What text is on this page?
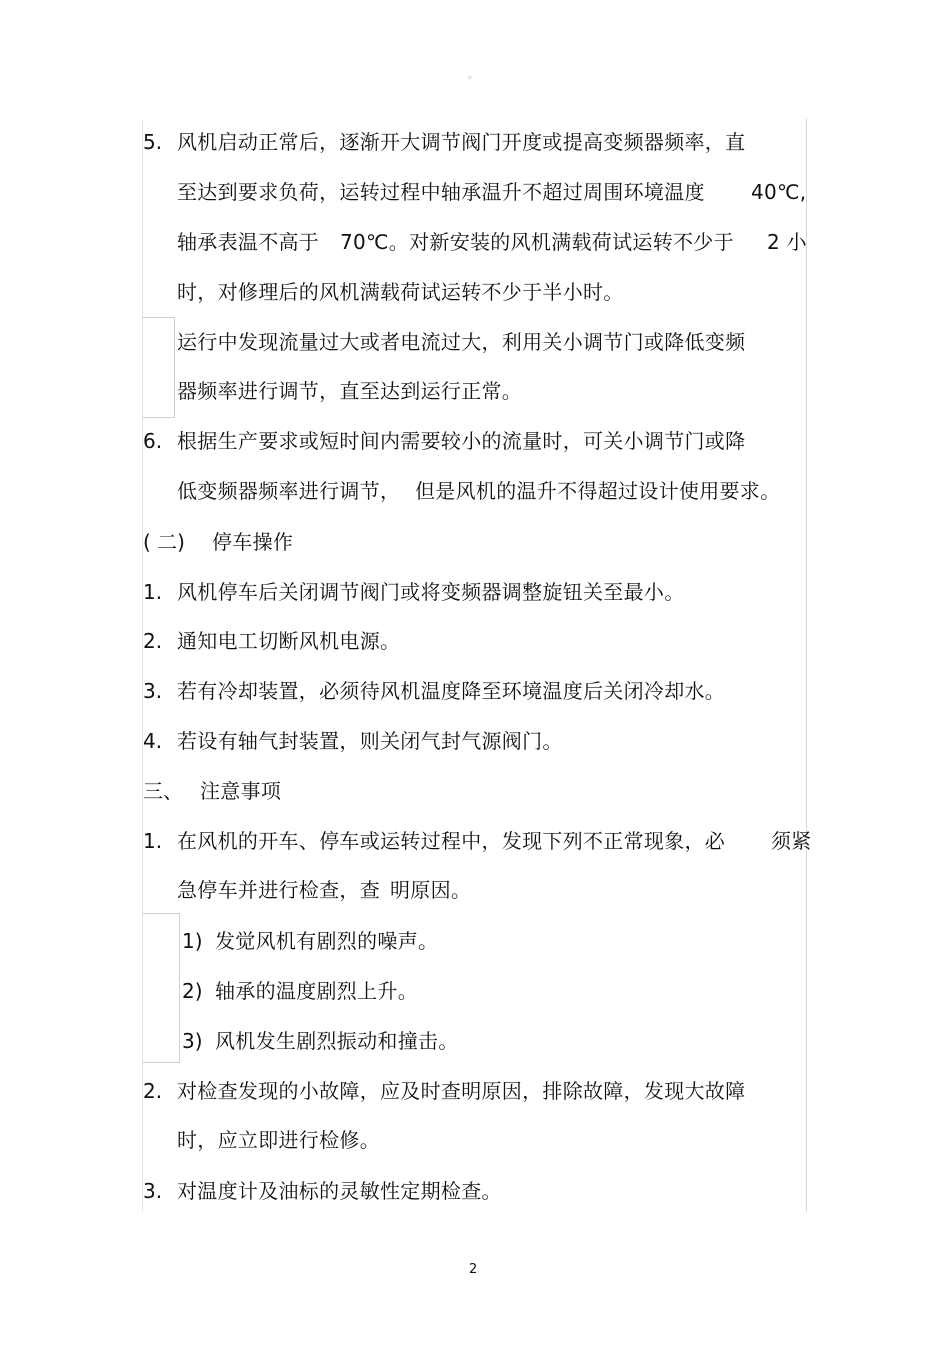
。
5. 风机启动正常后，逐渐开大调节阀门开度或提高变频器频率，直
至达到要求负荷，运转过程中轴承温升不超过周围环境温度 40℃,
轴承表温不高于 70℃。对新安装的风机满载荷试运转不少于 2 小
时，对修理后的风机满载荷试运转不少于半小时。
运行中发现流量过大或者电流过大，利用关小调节门或降低变频
器频率进行调节，直至达到运行正常。
6. 根据生产要求或短时间内需要较小的流量时，可关小调节门或降
低变频器频率进行调节， 但是风机的温升不得超过设计使用要求。
( 二) 停车操作
1. 风机停车后关闭调节阀门或将变频器调整旋钮关至最小。
2. 通知电工切断风机电源。
3. 若有冷却装置，必须待风机温度降至环境温度后关闭冷却水。
4. 若设有轴气封装置，则关闭气封气源阀门。
三、 注意事项
1. 在风机的开车、停车或运转过程中，发现下列不正常现象，必 须紧
急停车并进行检查，查 明原因。
1) 发觉风机有剧烈的噪声。
2) 轴承的温度剧烈上升。
3) 风机发生剧烈振动和撞击。
2. 对检查发现的小故障，应及时查明原因，排除故障，发现大故障
时，应立即进行检修。
3. 对温度计及油标的灵敏性定期检查。
2
